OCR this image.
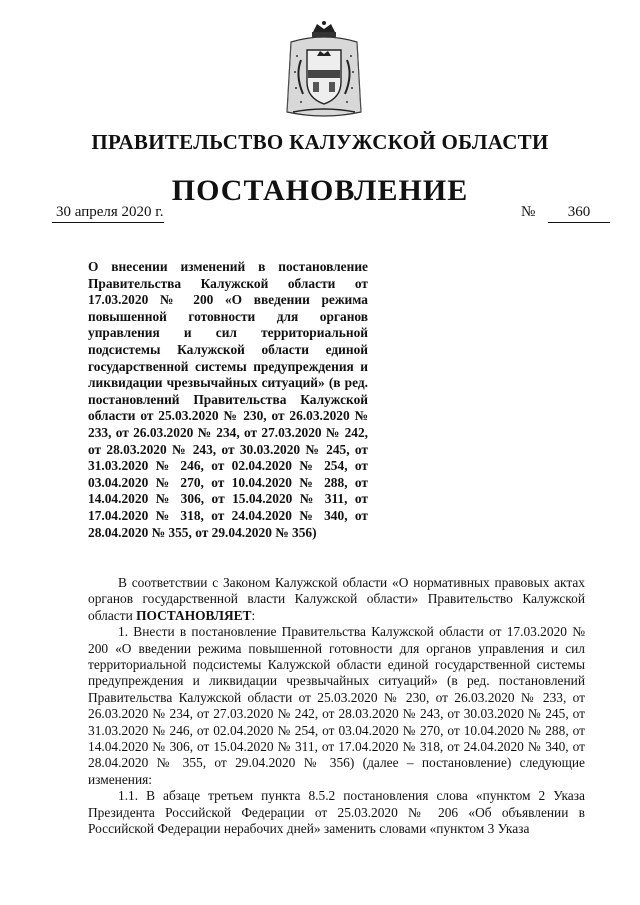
ПРАВИТЕЛЬСТВО КАЛУЖСКОЙ ОБЛАСТИ
ПОСТАНОВЛЕНИЕ
30 апреля 2020 г.	№	360
О внесении изменений в постановление Правительства Калужской области от 17.03.2020 № 200 «О введении режима повышенной готовности для органов управления и сил территориальной подсистемы Калужской области единой государственной системы предупреждения и ликвидации чрезвычайных ситуаций» (в ред. постановлений Правительства Калужской области от 25.03.2020 № 230, от 26.03.2020 № 233, от 26.03.2020 № 234, от 27.03.2020 № 242, от 28.03.2020 № 243, от 30.03.2020 № 245, от 31.03.2020 № 246, от 02.04.2020 № 254, от 03.04.2020 № 270, от 10.04.2020 № 288, от 14.04.2020 № 306, от 15.04.2020 № 311, от 17.04.2020 № 318, от 24.04.2020 № 340, от 28.04.2020 № 355, от 29.04.2020 № 356)

В соответствии с Законом Калужской области «О нормативных правовых актах органов государственной власти Калужской области» Правительство Калужской области ПОСТАНОВЛЯЕТ:

1. Внести в постановление Правительства Калужской области от 17.03.2020 № 200 «О введении режима повышенной готовности для органов управления и сил территориальной подсистемы Калужской области единой государственной системы предупреждения и ликвидации чрезвычайных ситуаций» (в ред. постановлений Правительства Калужской области от 25.03.2020 № 230, от 26.03.2020 № 233, от 26.03.2020 № 234, от 27.03.2020 № 242, от 28.03.2020 № 243, от 30.03.2020 № 245, от 31.03.2020 № 246, от 02.04.2020 № 254, от 03.04.2020 № 270, от 10.04.2020 № 288, от 14.04.2020 № 306, от 15.04.2020 № 311, от 17.04.2020 № 318, от 24.04.2020 № 340, от 28.04.2020 № 355, от 29.04.2020 № 356) (далее – постановление) следующие изменения:

1.1. В абзаце третьем пункта 8.5.2 постановления слова «пунктом 2 Указа Президента Российской Федерации от 25.03.2020 № 206 «Об объявлении в Российской Федерации нерабочих дней» заменить словами «пунктом 3 Указа
